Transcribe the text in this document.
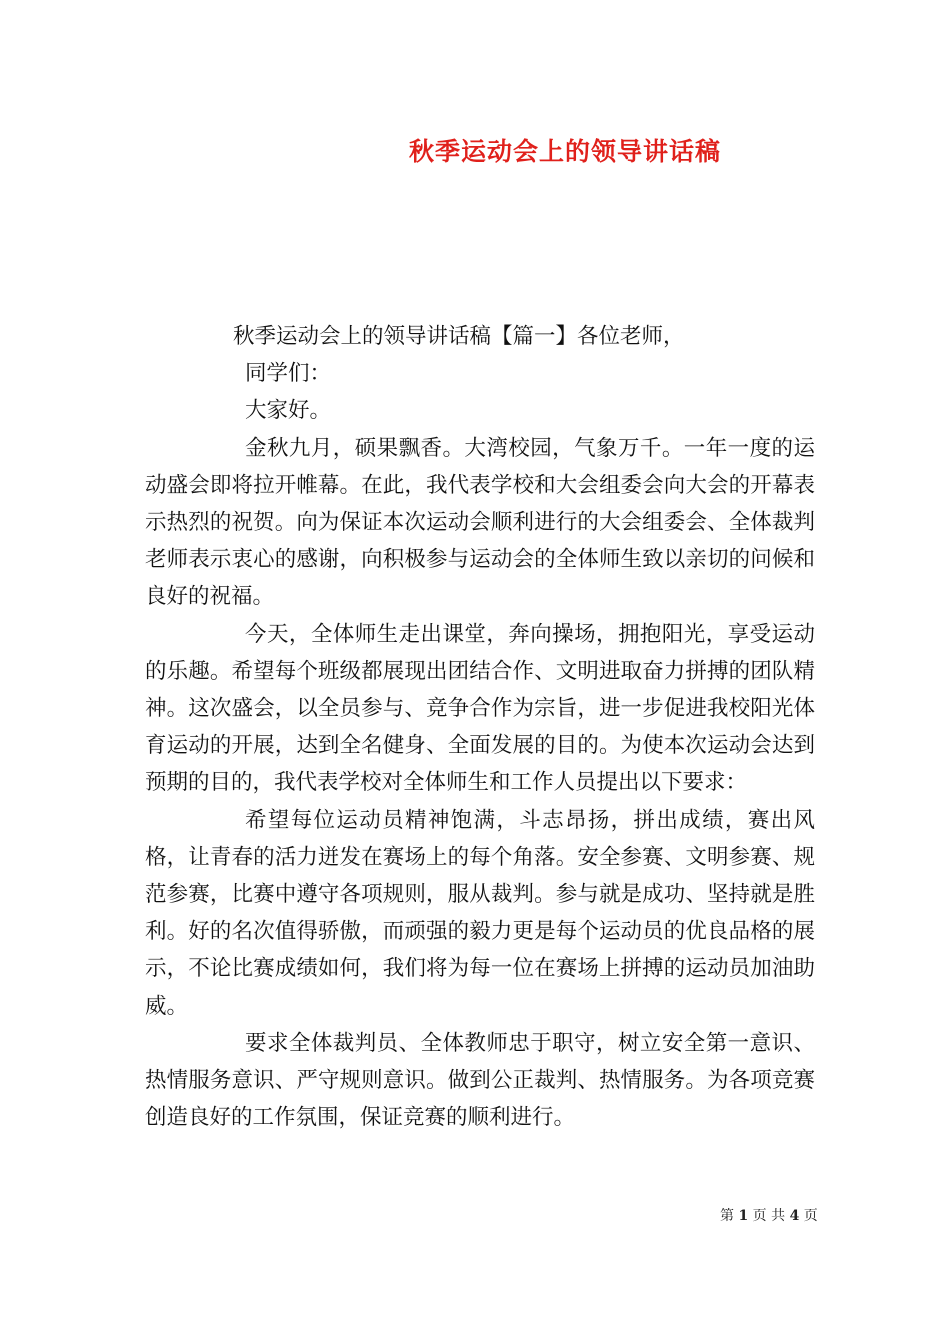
秋季运动会上的领导讲话稿

秋季运动会上的领导讲话稿【篇一】各位老师，

同学们：

大家好。

金秋九月，硕果飘香。大湾校园，气象万千。一年一度的运动盛会即将拉开帷幕。在此，我代表学校和大会组委会向大会的开幕表示热烈的祝贺。向为保证本次运动会顺利进行的大会组委会、全体裁判老师表示衷心的感谢，向积极参与运动会的全体师生致以亲切的问候和良好的祝福。

今天，全体师生走出课堂，奔向操场，拥抱阳光，享受运动的乐趣。希望每个班级都展现出团结合作、文明进取奋力拼搏的团队精神。这次盛会，以全员参与、竞争合作为宗旨，进一步促进我校阳光体育运动的开展，达到全名健身、全面发展的目的。为使本次运动会达到预期的目的，我代表学校对全体师生和工作人员提出以下要求：

希望每位运动员精神饱满，斗志昂扬，拼出成绩，赛出风格，让青春的活力迸发在赛场上的每个角落。安全参赛、文明参赛、规范参赛，比赛中遵守各项规则，服从裁判。参与就是成功、坚持就是胜利。好的名次值得骄傲，而顽强的毅力更是每个运动员的优良品格的展示，不论比赛成绩如何，我们将为每一位在赛场上拼搏的运动员加油助威。

要求全体裁判员、全体教师忠于职守，树立安全第一意识、热情服务意识、严守规则意识。做到公正裁判、热情服务。为各项竞赛创造良好的工作氛围，保证竞赛的顺利进行。

第 1 页 共 4 页
